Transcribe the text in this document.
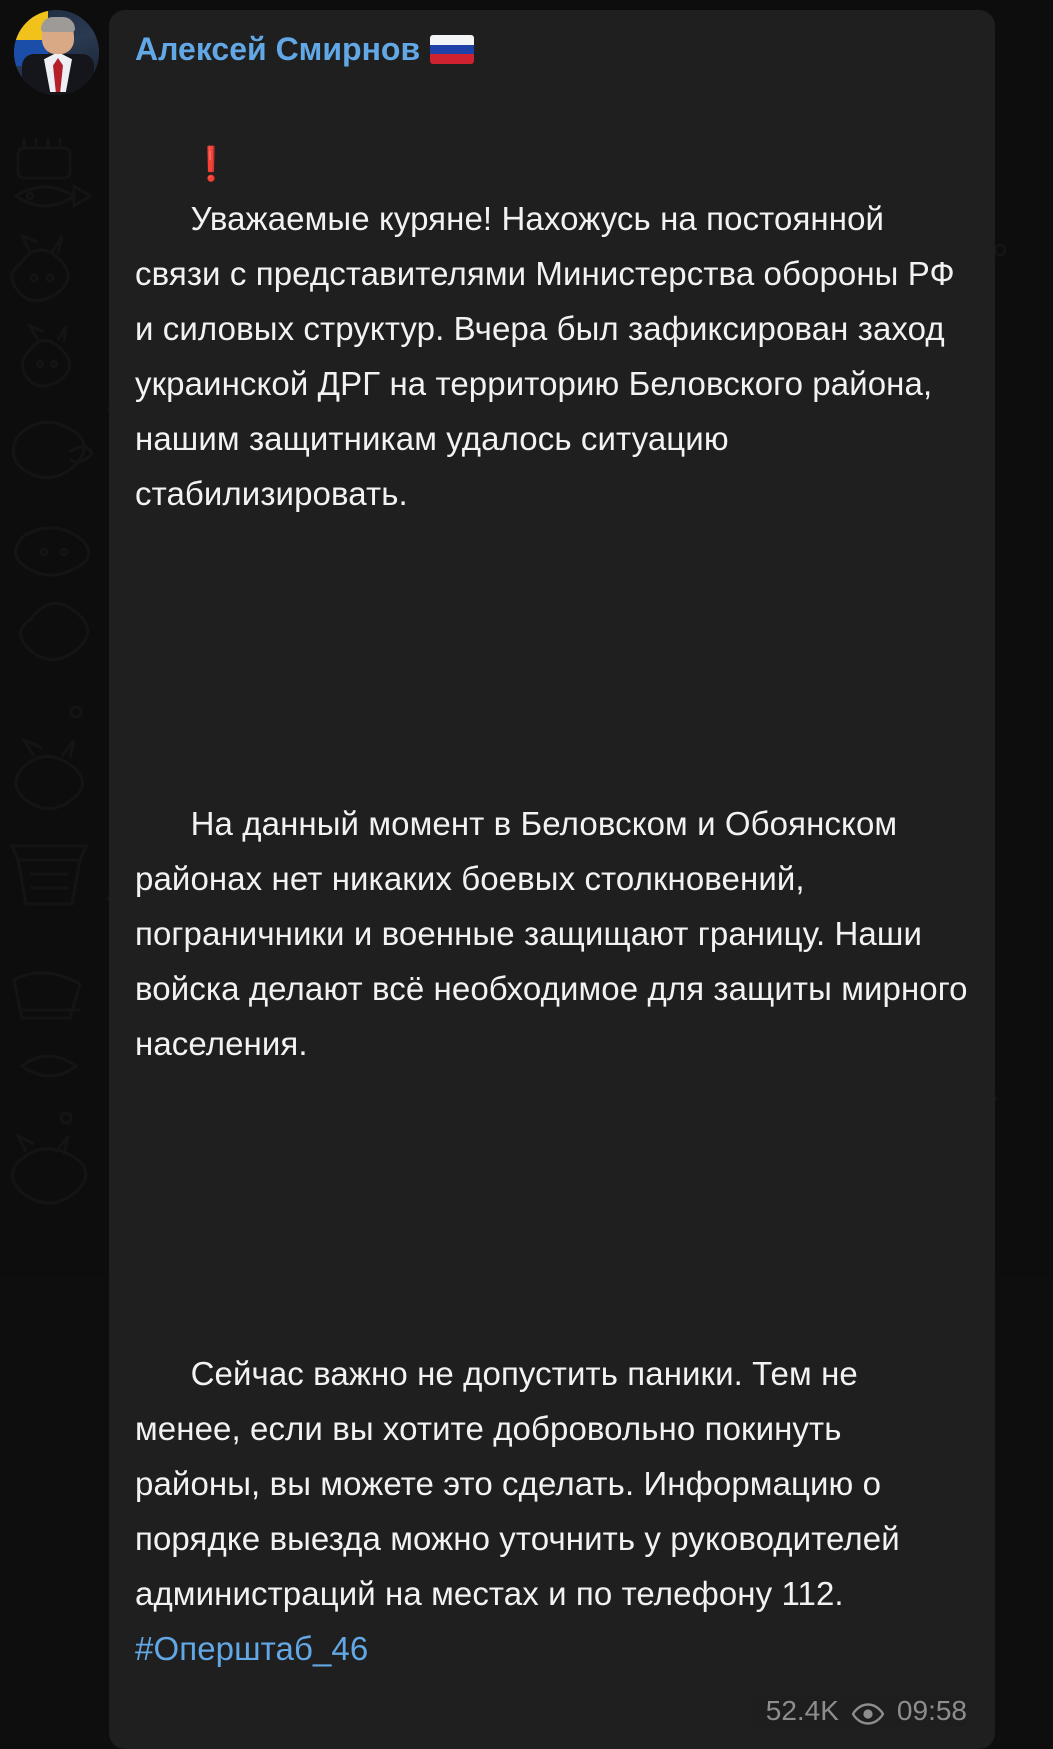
Алексей Смирнов

❗
Уважаемые куряне! Нахожусь на постоянной связи с представителями Министерства обороны РФ и силовых структур. Вчера был зафиксирован заход украинской ДРГ на территорию Беловского района, нашим защитникам удалось ситуацию стабилизировать.

На данный момент в Беловском и Обоянском районах нет никаких боевых столкновений, пограничники и военные защищают границу. Наши войска делают всё необходимое для защиты мирного населения.

Сейчас важно не допустить паники. Тем не менее, если вы хотите добровольно покинуть районы, вы можете это сделать. Информацию о порядке выезда можно уточнить у руководителей администраций на местах и по телефону 112. #Оперштаб_46

52.4K 09:58
